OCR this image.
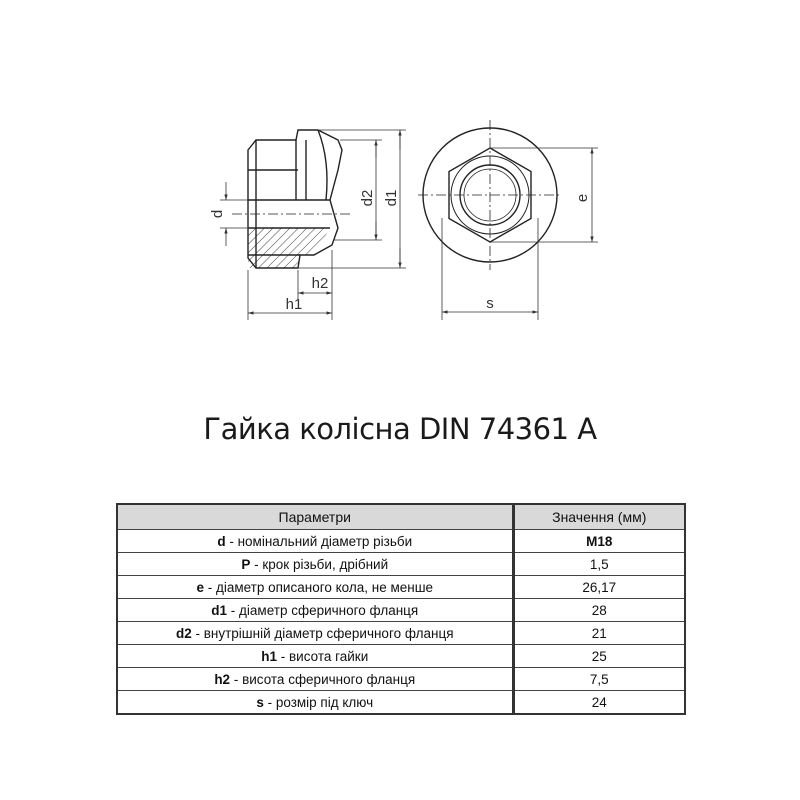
d
d2 d1
h2
h1
e
s
Гайка колісна DIN 74361 A
Параметри	Значення (мм)
d - номінальний діаметр різьби	M18
P - крок різьби, дрібний	1,5
e - діаметр описаного кола, не менше	26,17
d1 - діаметр сферичного фланця	28
d2 - внутрішній діаметр сферичного фланця	21
h1 - висота гайки	25
h2 - висота сферичного фланця	7,5
s - розмір під ключ	24
